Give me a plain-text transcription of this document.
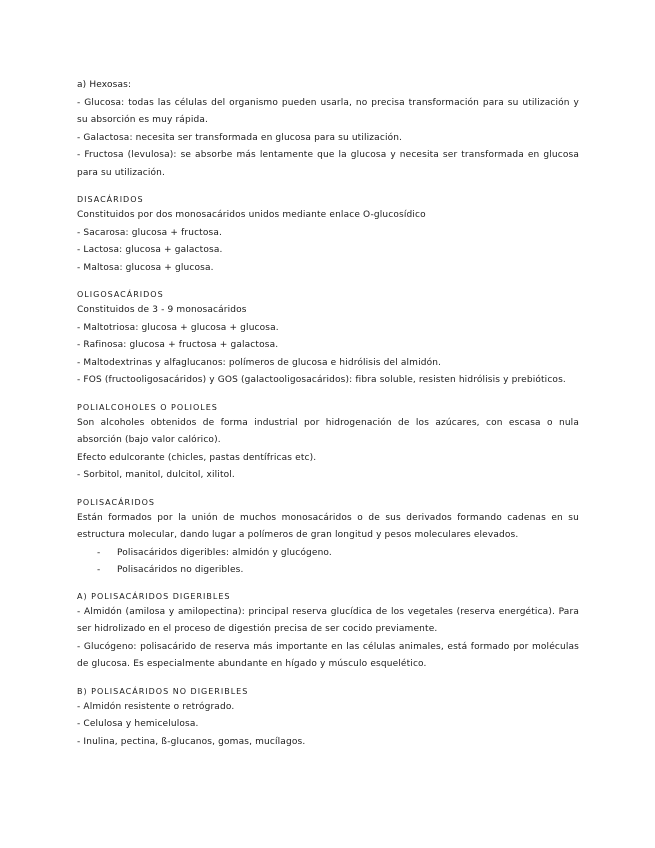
a) Hexosas:
- Glucosa: todas las células del organismo pueden usarla, no precisa transformación para su utilización y su absorción es muy rápida.
- Galactosa: necesita ser transformada en glucosa para su utilización.
- Fructosa (levulosa): se absorbe más lentamente que la glucosa y necesita ser transformada en glucosa para su utilización.
DISACÁRIDOS
Constituidos por dos monosacáridos unidos mediante enlace O-glucosídico
- Sacarosa: glucosa + fructosa.
- Lactosa: glucosa + galactosa.
- Maltosa: glucosa + glucosa.
OLIGOSACÁRIDOS
Constituidos de 3 - 9 monosacáridos
- Maltotriosa: glucosa + glucosa + glucosa.
- Rafinosa: glucosa + fructosa + galactosa.
- Maltodextrinas y alfaglucanos: polímeros de glucosa e hidrólisis del almidón.
- FOS (fructooligosacáridos) y GOS (galactooligosacáridos): fibra soluble, resisten hidrólisis y prebióticos.
POLIALCOHOLES O POLIOLES
Son alcoholes obtenidos de forma industrial por hidrogenación de los azúcares, con escasa o nula absorción (bajo valor calórico).
Efecto edulcorante (chicles, pastas dentífricas etc).
- Sorbitol, manitol, dulcitol, xilitol.
POLISACÁRIDOS
Están formados por la unión de muchos monosacáridos o de sus derivados formando cadenas en su estructura molecular, dando lugar a polímeros de gran longitud y pesos moleculares elevados.
- Polisacáridos digeribles: almidón y glucógeno.
- Polisacáridos no digeribles.
A) POLISACÁRIDOS DIGERIBLES
- Almidón (amilosa y amilopectina): principal reserva glucídica de los vegetales (reserva energética). Para ser hidrolizado en el proceso de digestión precisa de ser cocido previamente.
- Glucógeno: polisacárido de reserva más importante en las células animales, está formado por moléculas de glucosa. Es especialmente abundante en hígado y músculo esquelético.
B) POLISACÁRIDOS NO DIGERIBLES
- Almidón resistente o retrógrado.
- Celulosa y hemicelulosa.
- Inulina, pectina, ß-glucanos, gomas, mucílagos.
